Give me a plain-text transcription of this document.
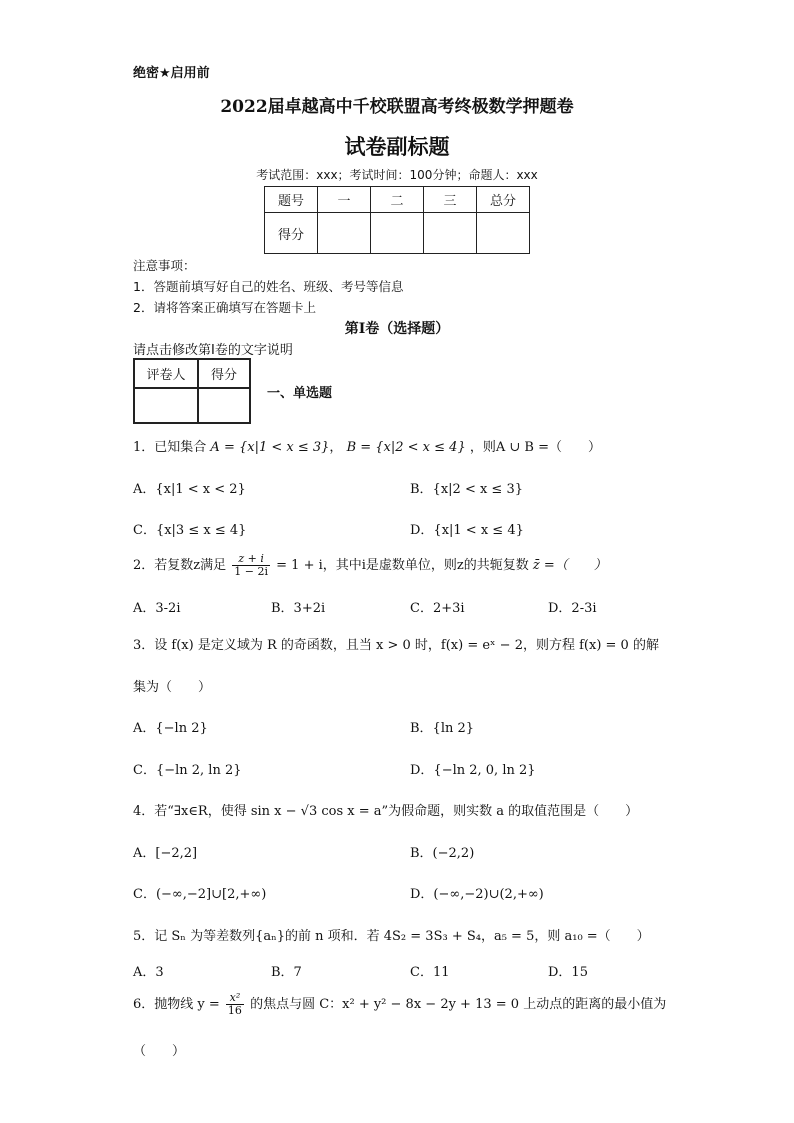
绝密★启用前
2022届卓越高中千校联盟高考终极数学押题卷
试卷副标题
考试范围：xxx；考试时间：100分钟；命题人：xxx
题号	一	二	三	总分
得分				
注意事项：
1．答题前填写好自己的姓名、班级、考号等信息
2．请将答案正确填写在答题卡上
第I卷（选择题）
请点击修改第I卷的文字说明
评卷人	得分

一、单选题
1．已知集合 A = {x|1 < x ≤ 3}， B = {x|2 < x ≤ 4} ，则A ∪ B =（　　）
A．{x|1 < x < 2}	B．{x|2 < x ≤ 3}
C．{x|3 ≤ x ≤ 4}	D．{x|1 < x ≤ 4}
2．若复数z满足 $\frac{z + i}{1 - 2i} = 1 + i$，其中i是虚数单位，则z的共轭复数 z̄ =（　　）
A．3-2i	B．3+2i	C．2+3i	D．2-3i
3．设 f(x) 是定义域为 R 的奇函数，且当 x > 0 时，f(x) = eˣ − 2，则方程 f(x) = 0 的解
集为（　　）
A．{−ln 2}	B．{ln 2}
C．{−ln 2, ln 2}	D．{−ln 2, 0, ln 2}
4．若“∃x∈R，使得 sin x − √3 cos x = a”为假命题，则实数 a 的取值范围是（　　）
A．[−2,2]	B．(−2,2)
C．(−∞,−2]∪[2,+∞)	D．(−∞,−2)∪(2,+∞)
5．记 Sₙ 为等差数列{aₙ}的前 n 项和．若 4S₂ = 3S₃ + S₄，a₅ = 5，则 a₁₀ =（　　）
A．3	B．7	C．11	D．15
6．抛物线 $y = \frac{\text{x²}}{16}$ 的焦点与圆 C：x² + y² − 8x − 2y + 13 = 0 上动点的距离的最小值为
（　　）
